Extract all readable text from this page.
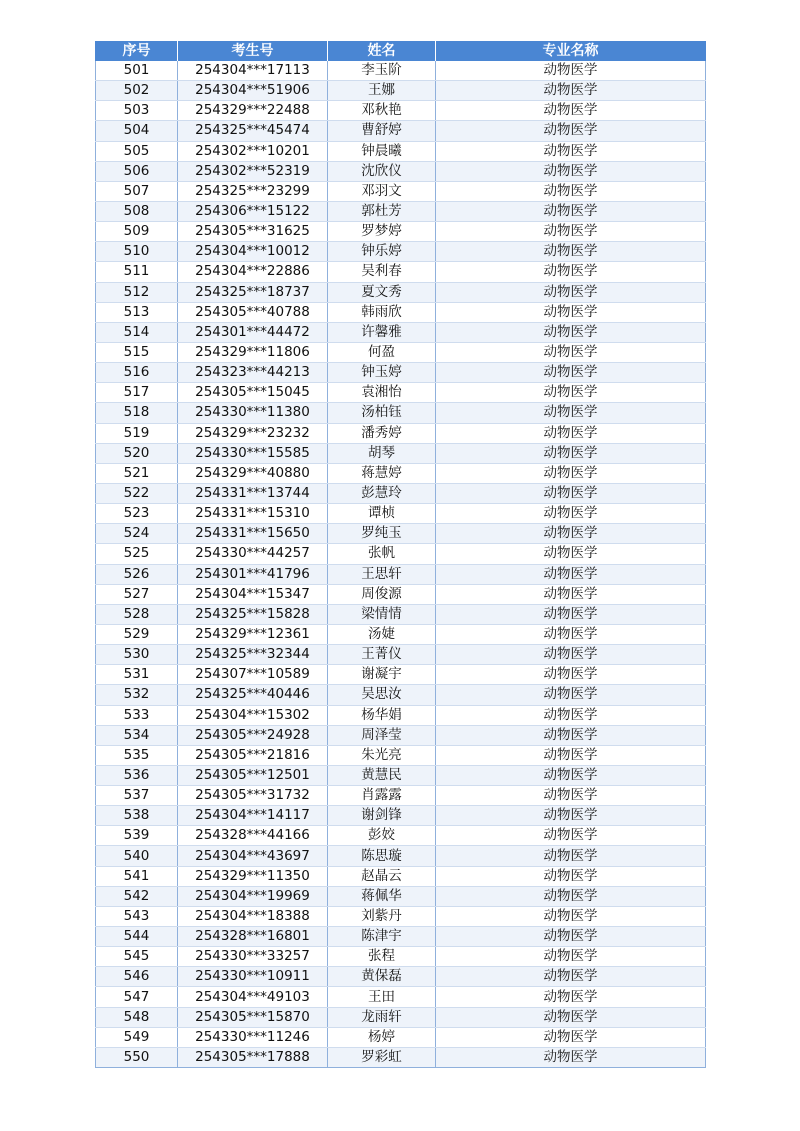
序号	考生号	姓名	专业名称
501	254304***17113	李玉阶	动物医学
502	254304***51906	王娜	动物医学
503	254329***22488	邓秋艳	动物医学
504	254325***45474	曹舒婷	动物医学
505	254302***10201	钟晨曦	动物医学
506	254302***52319	沈欣仪	动物医学
507	254325***23299	邓羽文	动物医学
508	254306***15122	郭杜芳	动物医学
509	254305***31625	罗梦婷	动物医学
510	254304***10012	钟乐婷	动物医学
511	254304***22886	吴利春	动物医学
512	254325***18737	夏文秀	动物医学
513	254305***40788	韩雨欣	动物医学
514	254301***44472	许馨雅	动物医学
515	254329***11806	何盈	动物医学
516	254323***44213	钟玉婷	动物医学
517	254305***15045	袁湘怡	动物医学
518	254330***11380	汤柏钰	动物医学
519	254329***23232	潘秀婷	动物医学
520	254330***15585	胡琴	动物医学
521	254329***40880	蒋慧婷	动物医学
522	254331***13744	彭慧玲	动物医学
523	254331***15310	谭桢	动物医学
524	254331***15650	罗纯玉	动物医学
525	254330***44257	张帆	动物医学
526	254301***41796	王思轩	动物医学
527	254304***15347	周俊源	动物医学
528	254325***15828	梁情情	动物医学
529	254329***12361	汤婕	动物医学
530	254325***32344	王菁仪	动物医学
531	254307***10589	谢凝宇	动物医学
532	254325***40446	吴思汝	动物医学
533	254304***15302	杨华娟	动物医学
534	254305***24928	周泽莹	动物医学
535	254305***21816	朱光亮	动物医学
536	254305***12501	黄慧民	动物医学
537	254305***31732	肖露露	动物医学
538	254304***14117	谢剑锋	动物医学
539	254328***44166	彭姣	动物医学
540	254304***43697	陈思璇	动物医学
541	254329***11350	赵晶云	动物医学
542	254304***19969	蒋佩华	动物医学
543	254304***18388	刘紫丹	动物医学
544	254328***16801	陈津宇	动物医学
545	254330***33257	张程	动物医学
546	254330***10911	黄保磊	动物医学
547	254304***49103	王田	动物医学
548	254305***15870	龙雨轩	动物医学
549	254330***11246	杨婷	动物医学
550	254305***17888	罗彩虹	动物医学
